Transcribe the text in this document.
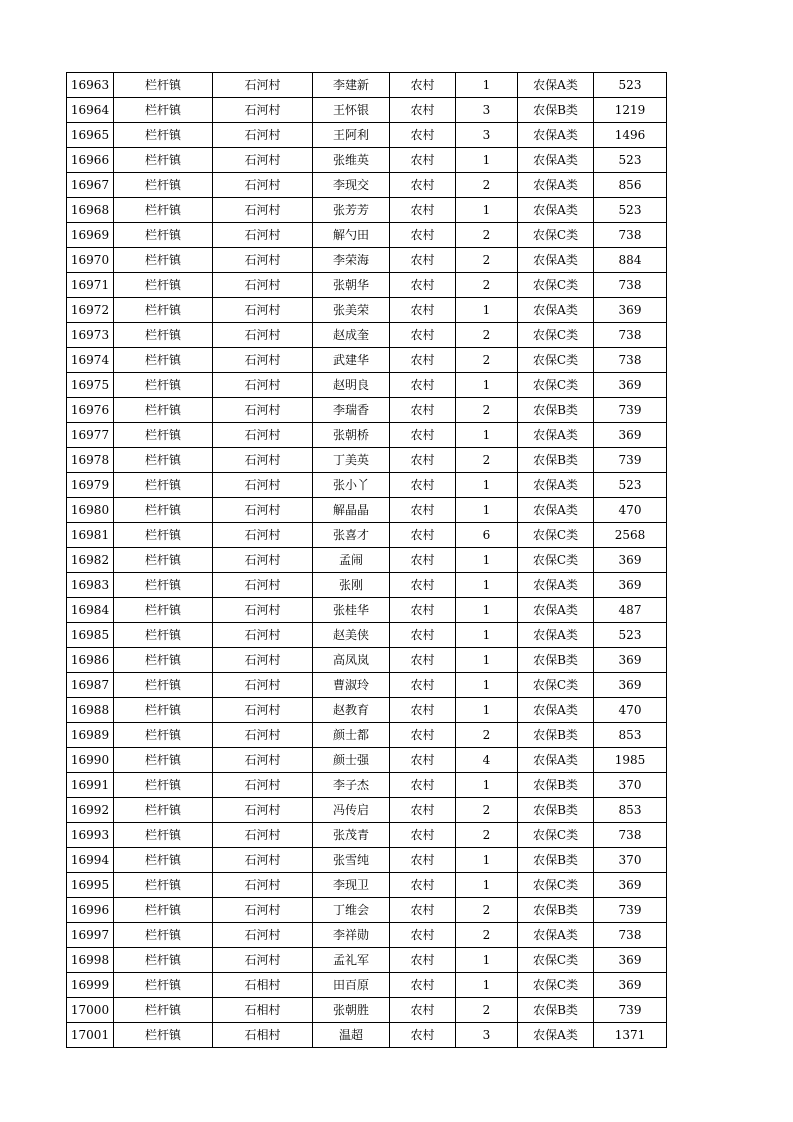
16963	栏杆镇	石河村	李建新	农村	1	农保A类	523
16964	栏杆镇	石河村	王怀银	农村	3	农保B类	1219
16965	栏杆镇	石河村	王阿利	农村	3	农保A类	1496
16966	栏杆镇	石河村	张维英	农村	1	农保A类	523
16967	栏杆镇	石河村	李现交	农村	2	农保A类	856
16968	栏杆镇	石河村	张芳芳	农村	1	农保A类	523
16969	栏杆镇	石河村	解勺田	农村	2	农保C类	738
16970	栏杆镇	石河村	李荣海	农村	2	农保A类	884
16971	栏杆镇	石河村	张朝华	农村	2	农保C类	738
16972	栏杆镇	石河村	张美荣	农村	1	农保A类	369
16973	栏杆镇	石河村	赵成奎	农村	2	农保C类	738
16974	栏杆镇	石河村	武建华	农村	2	农保C类	738
16975	栏杆镇	石河村	赵明良	农村	1	农保C类	369
16976	栏杆镇	石河村	李瑞香	农村	2	农保B类	739
16977	栏杆镇	石河村	张朝桥	农村	1	农保A类	369
16978	栏杆镇	石河村	丁美英	农村	2	农保B类	739
16979	栏杆镇	石河村	张小丫	农村	1	农保A类	523
16980	栏杆镇	石河村	解晶晶	农村	1	农保A类	470
16981	栏杆镇	石河村	张喜才	农村	6	农保C类	2568
16982	栏杆镇	石河村	孟闹	农村	1	农保C类	369
16983	栏杆镇	石河村	张刚	农村	1	农保A类	369
16984	栏杆镇	石河村	张桂华	农村	1	农保A类	487
16985	栏杆镇	石河村	赵美侠	农村	1	农保A类	523
16986	栏杆镇	石河村	高凤岚	农村	1	农保B类	369
16987	栏杆镇	石河村	曹淑玲	农村	1	农保C类	369
16988	栏杆镇	石河村	赵教育	农村	1	农保A类	470
16989	栏杆镇	石河村	颜士都	农村	2	农保B类	853
16990	栏杆镇	石河村	颜士强	农村	4	农保A类	1985
16991	栏杆镇	石河村	李子杰	农村	1	农保B类	370
16992	栏杆镇	石河村	冯传启	农村	2	农保B类	853
16993	栏杆镇	石河村	张茂青	农村	2	农保C类	738
16994	栏杆镇	石河村	张雪纯	农村	1	农保B类	370
16995	栏杆镇	石河村	李现卫	农村	1	农保C类	369
16996	栏杆镇	石河村	丁维会	农村	2	农保B类	739
16997	栏杆镇	石河村	李祥勋	农村	2	农保A类	738
16998	栏杆镇	石河村	孟礼军	农村	1	农保C类	369
16999	栏杆镇	石相村	田百原	农村	1	农保C类	369
17000	栏杆镇	石相村	张朝胜	农村	2	农保B类	739
17001	栏杆镇	石相村	温超	农村	3	农保A类	1371
